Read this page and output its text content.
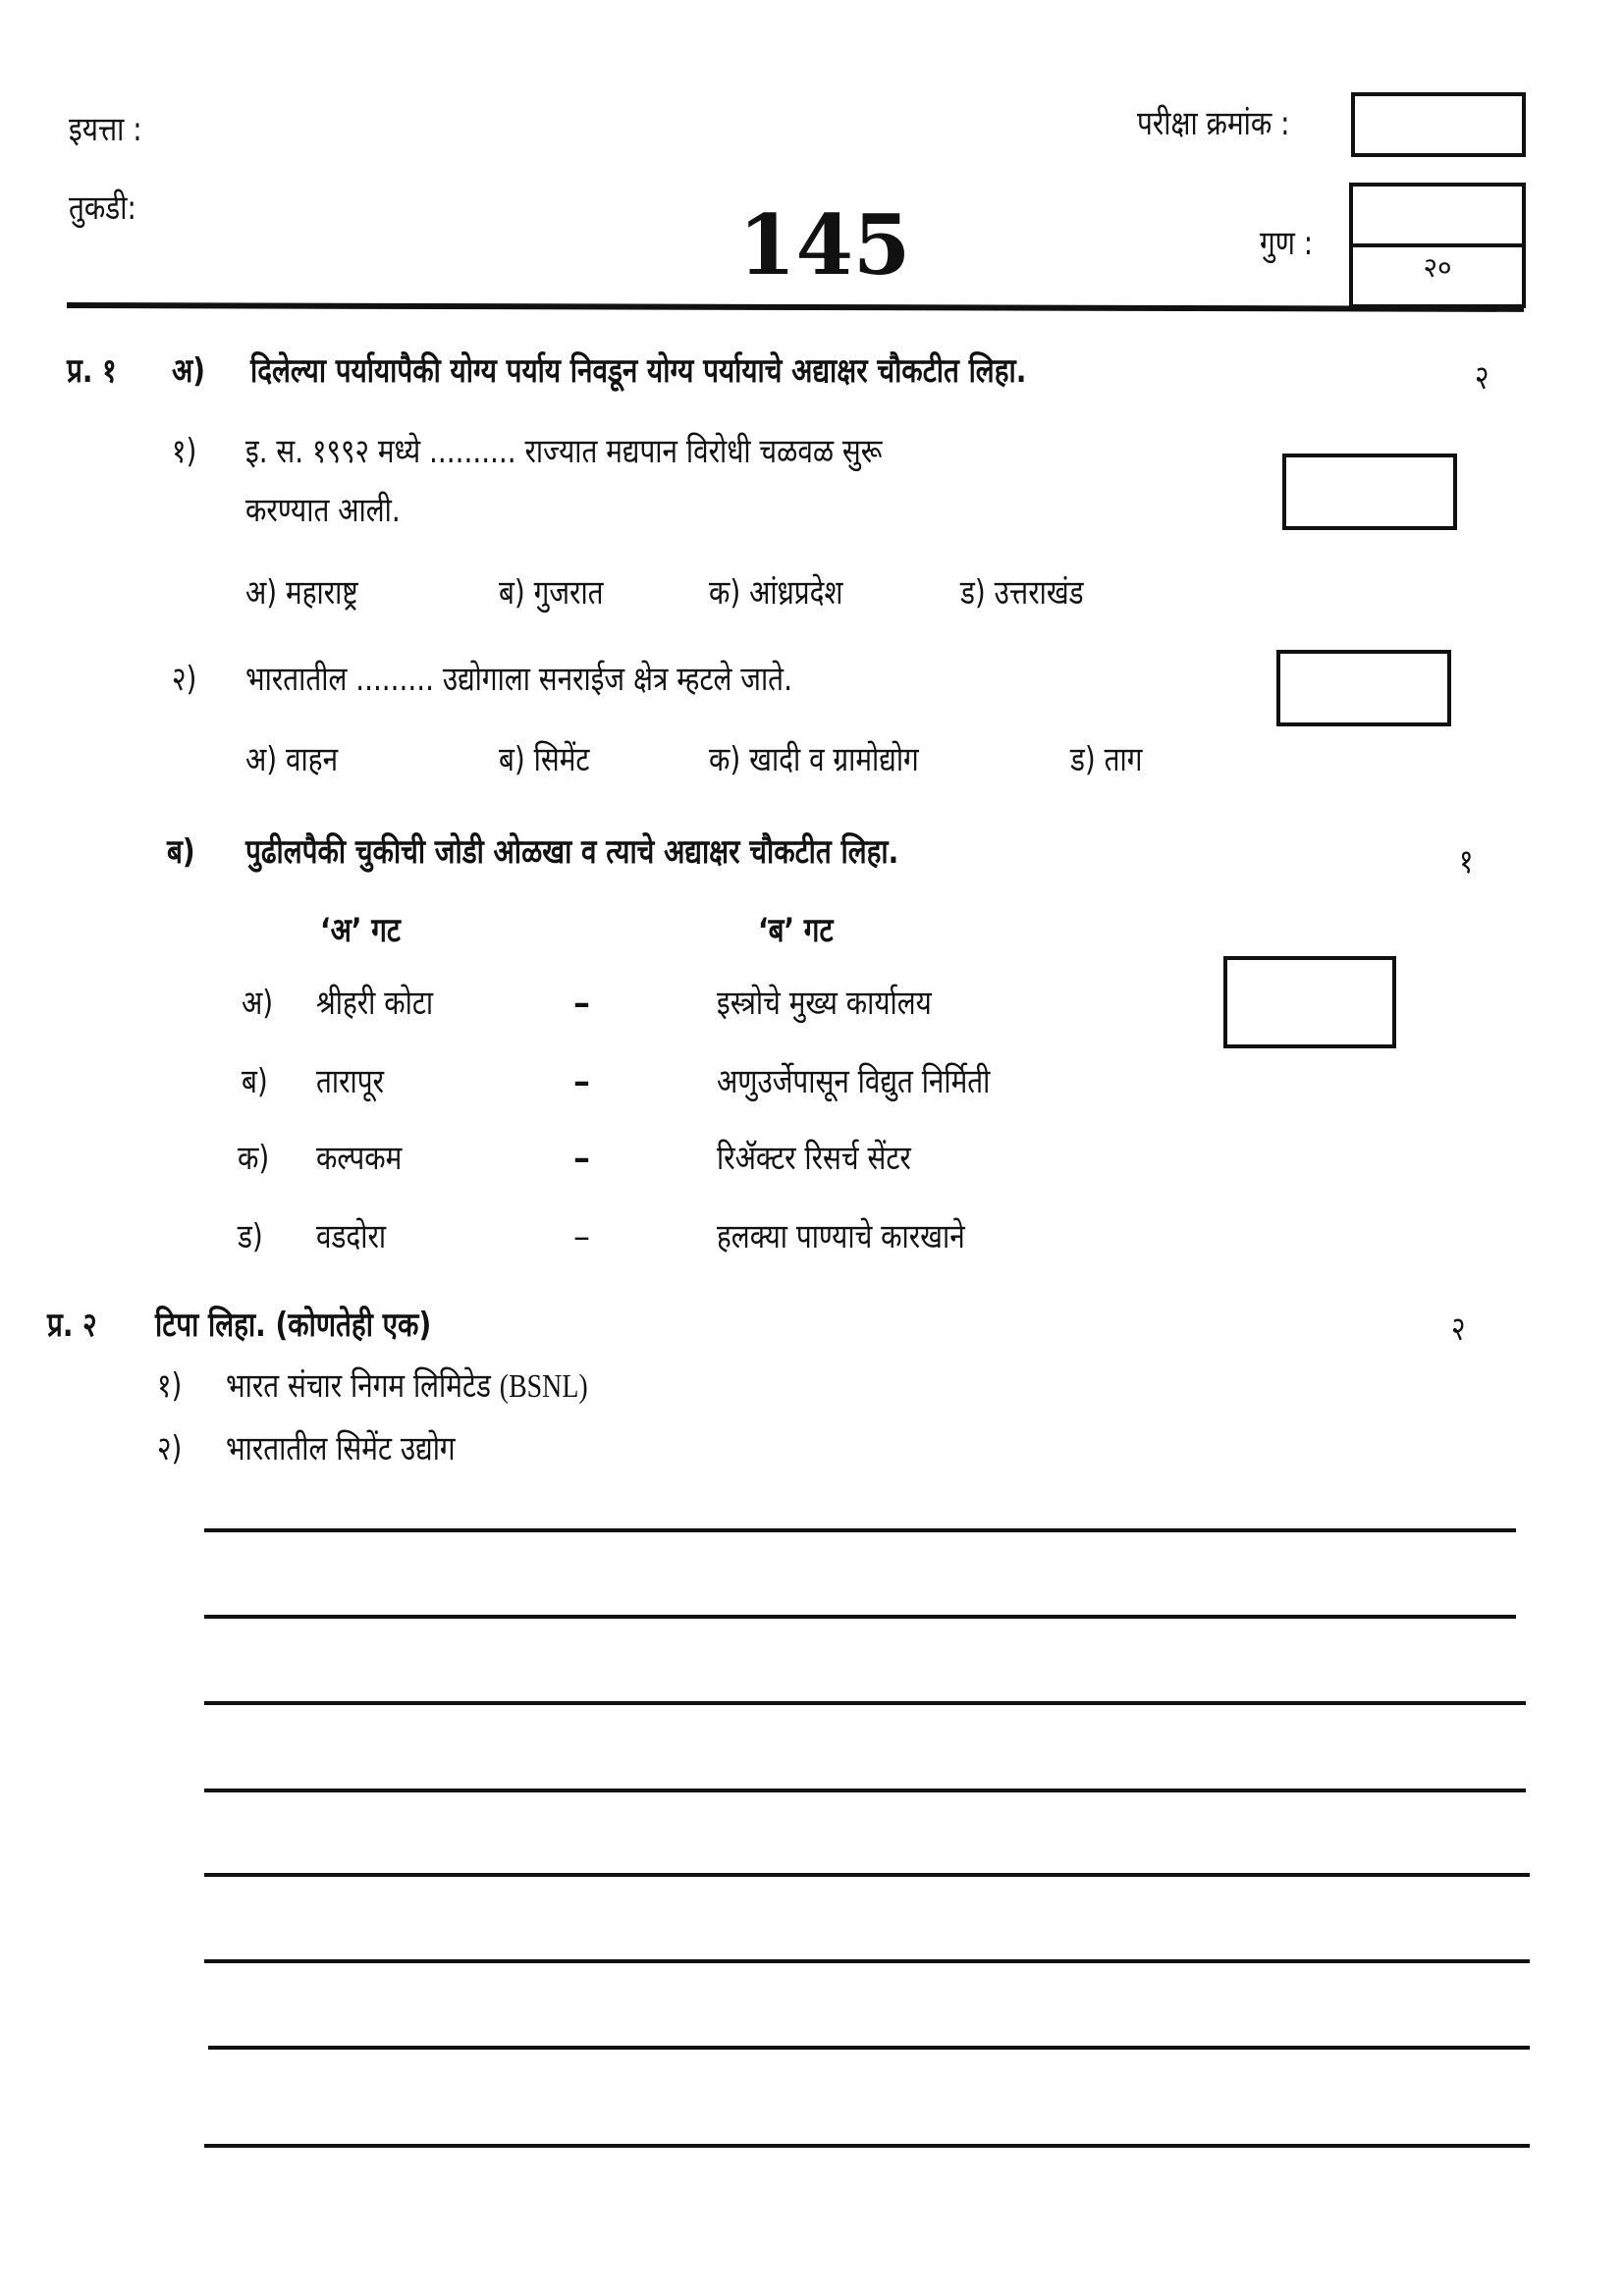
इयत्ता :
तुकडी:	145
परीक्षा क्रमांक :
गुण :
२०
प्र. १ अ) दिलेल्या पर्यायापैकी योग्य पर्याय निवडून योग्य पर्यायाचे अद्याक्षर चौकटीत लिहा.	२
१) इ. स. १९९२ मध्ये .......... राज्यात मद्यपान विरोधी चळवळ सुरू
करण्यात आली.
अ) महाराष्ट्र	ब) गुजरात	क) आंध्रप्रदेश	ड) उत्तराखंड
२) भारतातील ......... उद्योगाला सनराईज क्षेत्र म्हटले जाते.
अ) वाहन	ब) सिमेंट	क) खादी व ग्रामोद्योग	ड) ताग
ब) पुढीलपैकी चुकीची जोडी ओळखा व त्याचे अद्याक्षर चौकटीत लिहा.	१
‘अ’ गट	‘ब’ गट
अ) श्रीहरी कोटा	–	इस्त्रोचे मुख्य कार्यालय
ब) तारापूर	–	अणुउर्जेपासून विद्युत निर्मिती
क) कल्पकम	–	रिॲक्टर रिसर्च सेंटर
ड) वडदोरा	–	हलक्या पाण्याचे कारखाने
प्र. २ टिपा लिहा. (कोणतेही एक)	२
१) भारत संचार निगम लिमिटेड (BSNL)
२) भारतातील सिमेंट उद्योग
